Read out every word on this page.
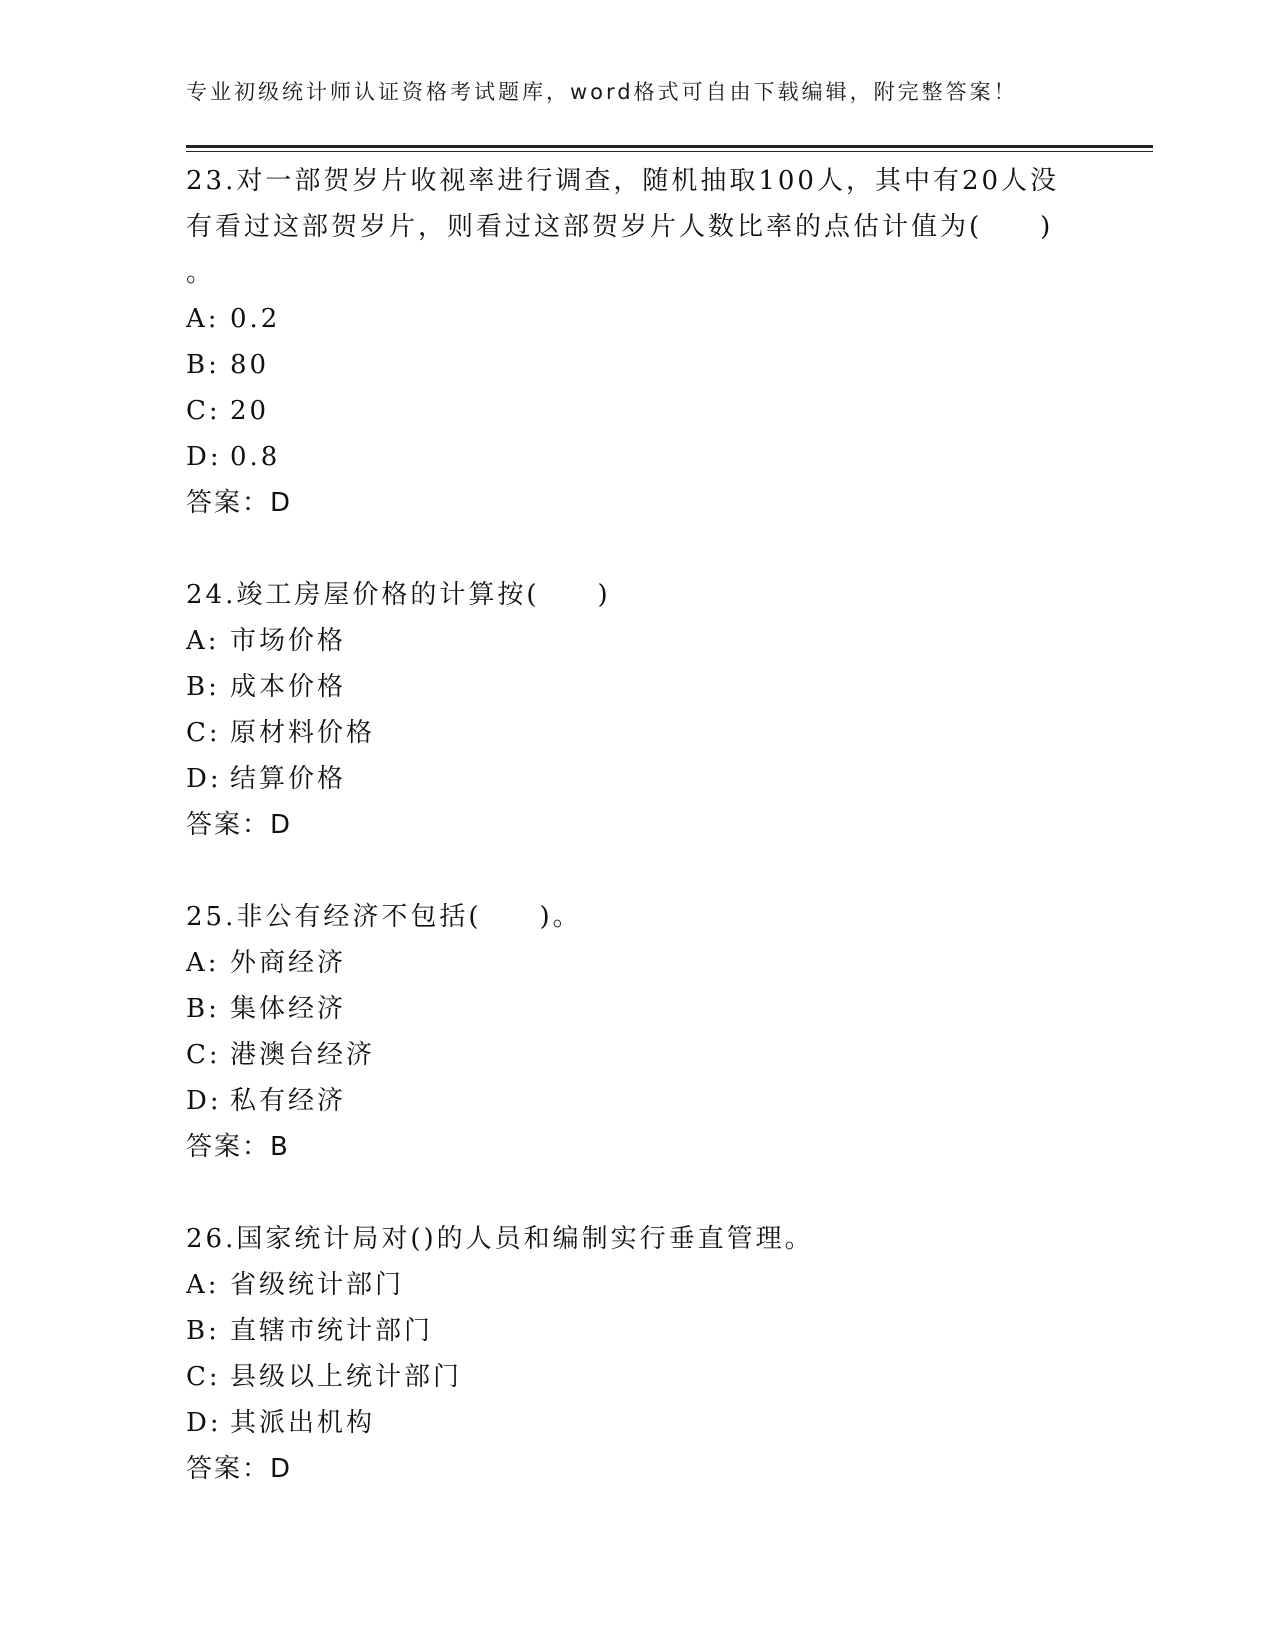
专业初级统计师认证资格考试题库，word格式可自由下载编辑，附完整答案！
23.对一部贺岁片收视率进行调查，随机抽取100人，其中有20人没有看过这部贺岁片，则看过这部贺岁片人数比率的点估计值为(　　)
。
A: 0.2
B: 80
C: 20
D: 0.8
答案：D
24.竣工房屋价格的计算按(　　)
A: 市场价格
B: 成本价格
C: 原材料价格
D: 结算价格
答案：D
25.非公有经济不包括(　　)。
A: 外商经济
B: 集体经济
C: 港澳台经济
D: 私有经济
答案：B
26.国家统计局对()的人员和编制实行垂直管理。
A: 省级统计部门
B: 直辖市统计部门
C: 县级以上统计部门
D: 其派出机构
答案：D
